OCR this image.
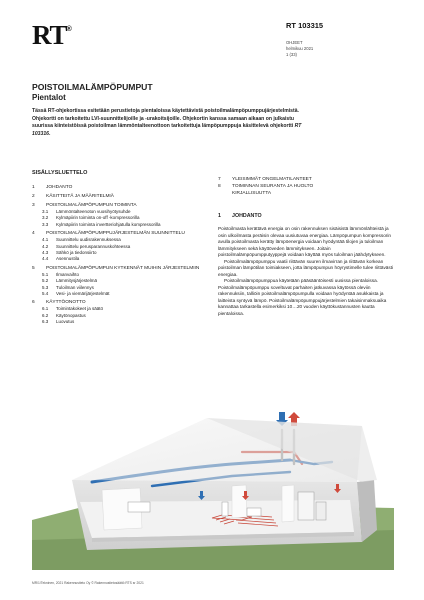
RT®	RT 103315
OHJEET
helmikuu 2021
1 (33)
POISTOILMALÄMPÖPUMPUT
Pientalot
Tässä RT-ohjekortissa esitetään perustietoja pientaloissa käytettävistä poistoilmalämpöpumppujärjestelmistä. Ohjekortti on tarkoitettu LVI-suunnittelijoille ja -urakoitsijoille. Ohjekortin kanssa samaan aikaan on julkaistu suurissa kiinteistöissä poistoilman lämmöntalteenottoon tarkoitettuja lämpöpumppuja käsittelevä ohjekortti RT 103316.
SISÄLLYSLUETTELO
1	JOHDANTO
2	KÄSITTEITÄ JA MÄÄRITELMIÄ
3	POISTOILMALÄMPÖPUMPUN TOIMINTA
3.1	Lämmöntalteenoton vuosihyötysuhde
3.2	Kylmäpiirin toiminta on-off -kompressorilla
3.3	Kylmäpiirin toiminta invertteriohjatulla kompressorilla
4	POISTOILMALÄMPÖPUMPPUJÄRJESTELMÄN SUUNNITTELU
4.1	Suunnittelu uudisrakennuksessa
4.2	Suunnittelu perusparannuskohteessa
4.3	Sähkö ja tiedonsiirto
4.4	Asennustila
5	POISTOILMALÄMPÖPUMPUN KYTKENNÄT MUIHIN JÄRJESTELMIIN
5.1	Ilmanvaihto
5.2	Lämmitysjärjestelmä
5.3	Tuloilman viilennys
5.4	Vesi- ja viemärijärjestelmät
6	KÄYTTÖONOTTO
6.1	Toimintakokeet ja säätö
6.2	Käytönopastus
6.3	Luovutus
7	YLEISIMMÄT ONGELMATILANTEET
8	TOIMINNAN SEURANTA JA HUOLTO
KIRJALLISUUTTA
1	JOHDANTO

Poistoilmasta kerättävä energia on osin rakennuksen sisäisistä lämmönlähteistä ja osin ulkoilmasta peräisin olevaa uusiutuvaa energiaa. Lämpöpumpun kompressorin avulla poistoilmasta kerätty lämpöenergia voidaan hyödyntää tilojen ja tuloilman lämmitykseen sekä käyttöveden lämmitykseen. Joitain poistoilmalämpöpumpputyyppejä voidaan käyttää myös tuloilman jäähdytykseen.

Poistoilmalämpöpumppu vaatii riittävän suuren ilmavirran ja riittävän korkean poistoilman lämpötilan toimiakseen, jotta lämpöpumpun höyrystimelle tulee riittävästi energiaa.

Poistoilmalämpöpumppua käytetään pääsääntöisesti uusissa pientaloissa. Poistoilmalämpöpumppu soveltuvat parhaiten jatkuvassa käytössä oleviin rakennuksiin, talliöin poistoilmalämpöpumpulla voidaan hyödyntää asukkaista ja laitteista syntyvä lämpö. Poistoilmalämpöpumppujärjestelmien takaisinmaksuaika kannattaa tarkastella esimerkiksi 10…20 vuoden käyttökustannusten kautta pientaloissa.

MR/1/Tekninen, 2021 Rakennustieto Oy © Rakennustietosäätiö RTS sr 2021
